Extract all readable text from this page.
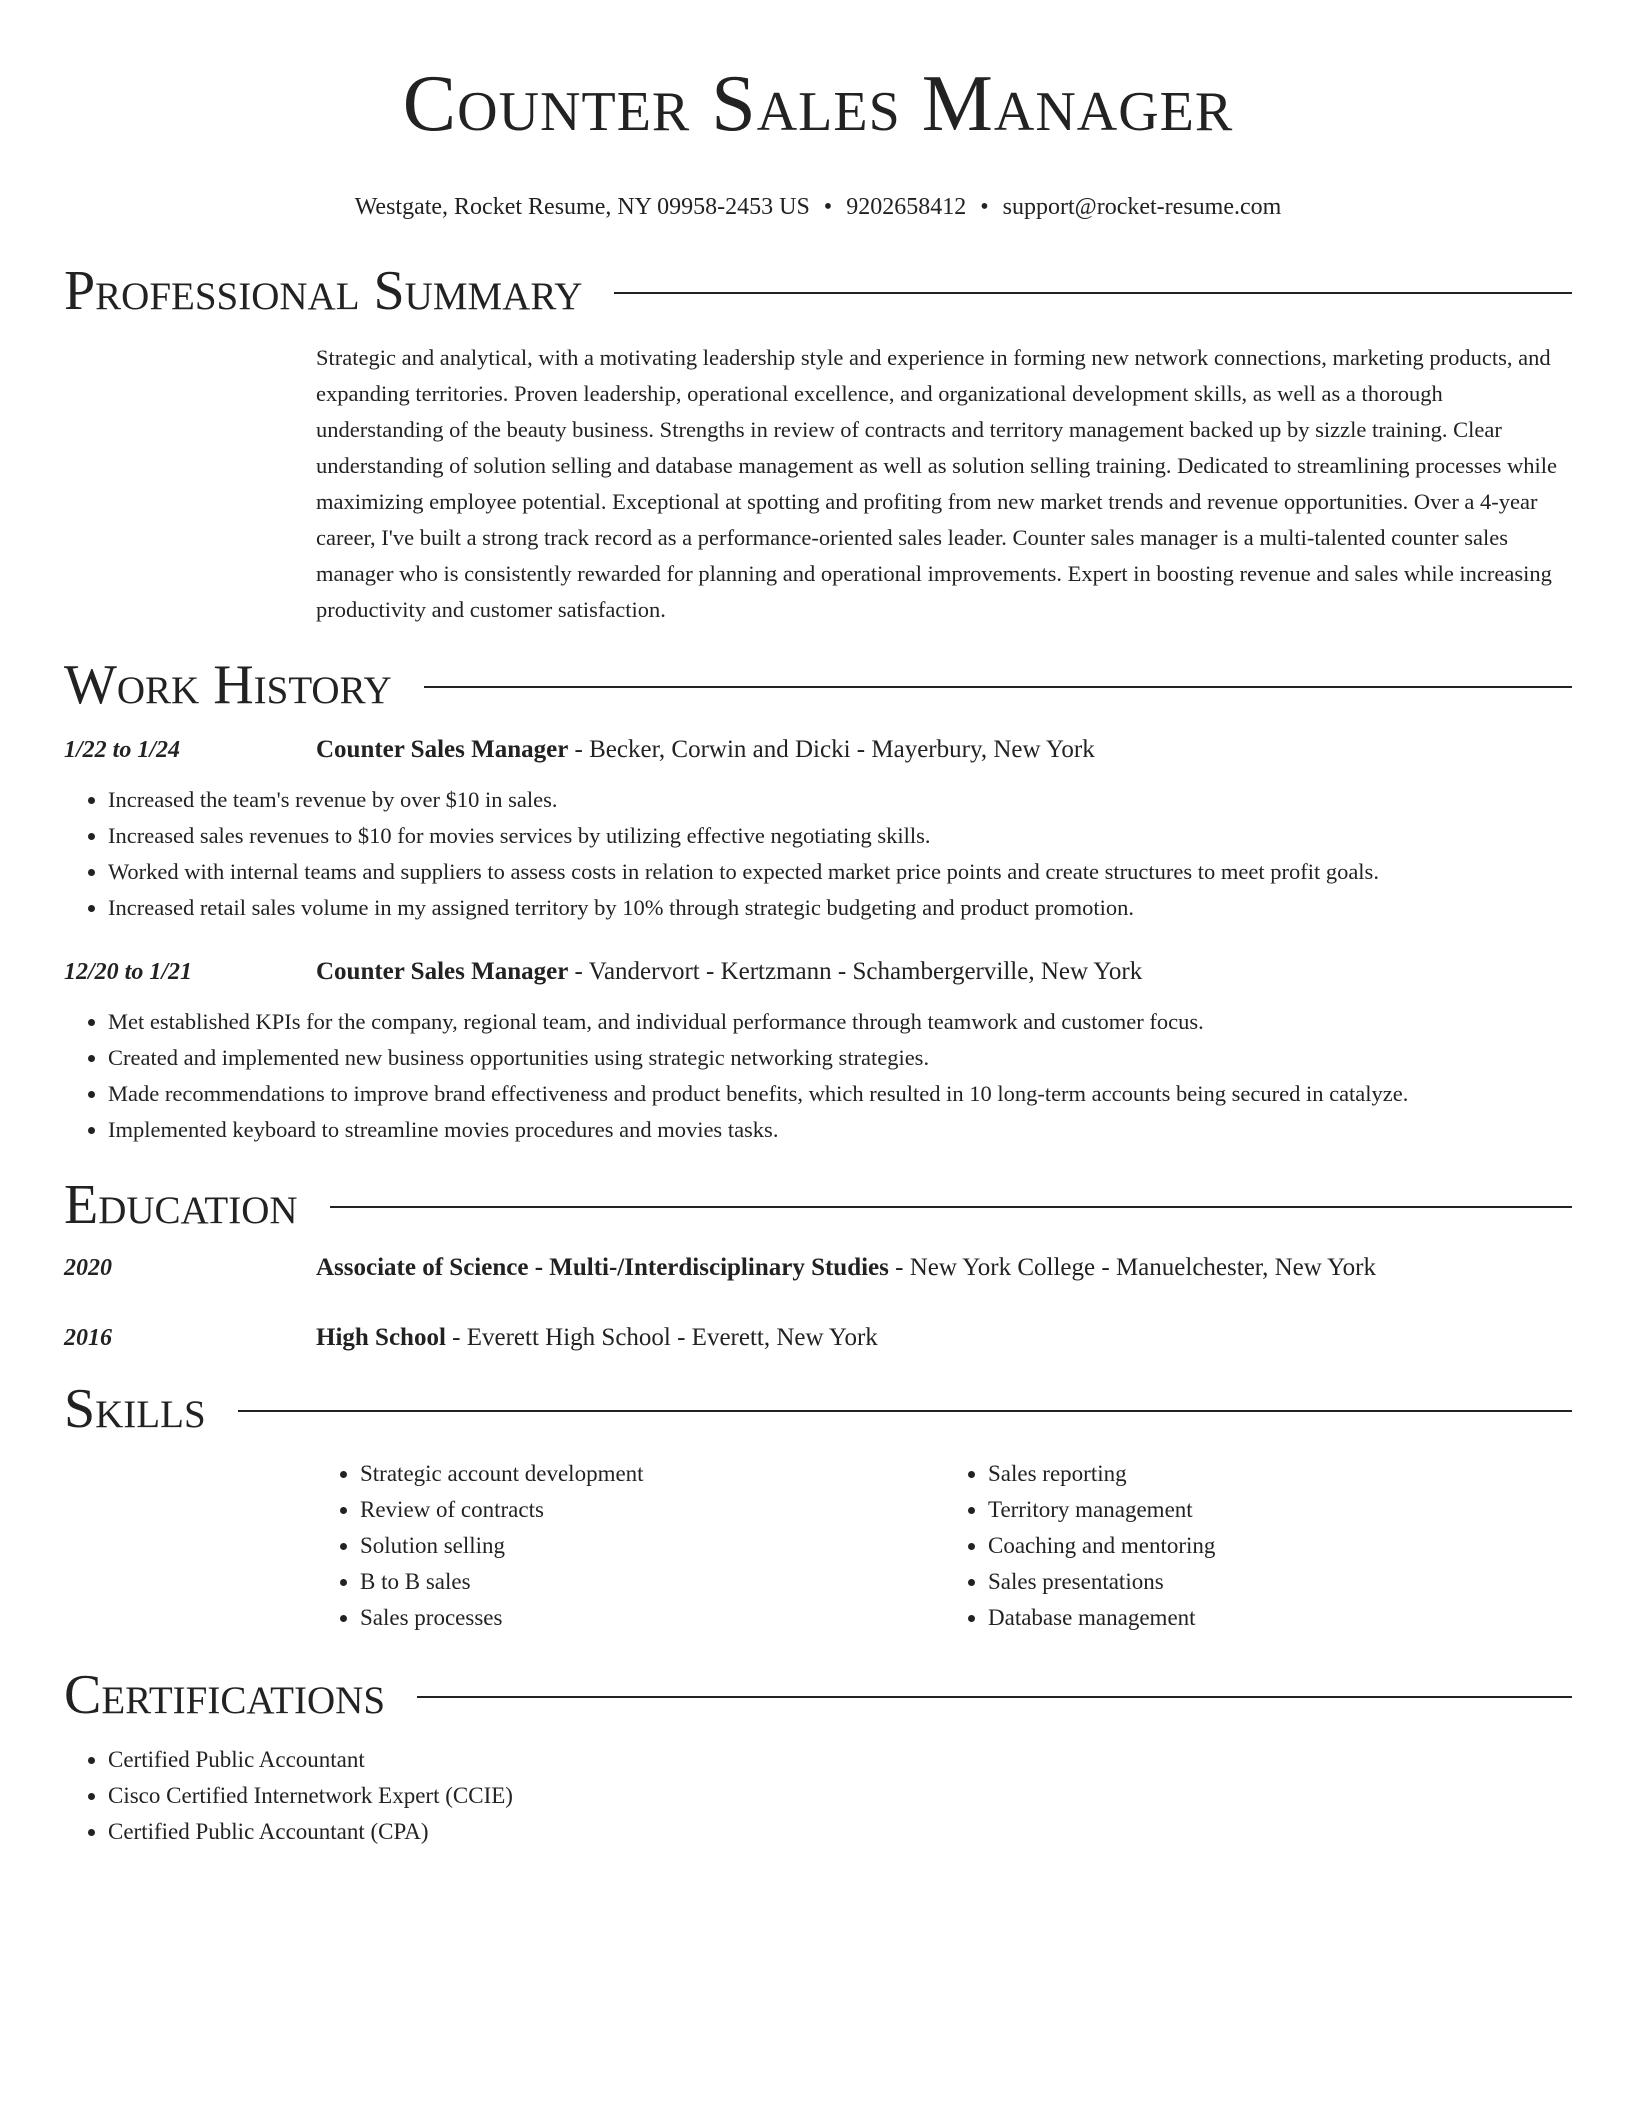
Counter Sales Manager
Westgate, Rocket Resume, NY 09958-2453 US • 9202658412 • support@rocket-resume.com
Professional Summary
Strategic and analytical, with a motivating leadership style and experience in forming new network connections, marketing products, and expanding territories. Proven leadership, operational excellence, and organizational development skills, as well as a thorough understanding of the beauty business. Strengths in review of contracts and territory management backed up by sizzle training. Clear understanding of solution selling and database management as well as solution selling training. Dedicated to streamlining processes while maximizing employee potential. Exceptional at spotting and profiting from new market trends and revenue opportunities. Over a 4-year career, I've built a strong track record as a performance-oriented sales leader. Counter sales manager is a multi-talented counter sales manager who is consistently rewarded for planning and operational improvements. Expert in boosting revenue and sales while increasing productivity and customer satisfaction.
Work History
1/22 to 1/24	Counter Sales Manager - Becker, Corwin and Dicki - Mayerbury, New York
• Increased the team's revenue by over $10 in sales.
• Increased sales revenues to $10 for movies services by utilizing effective negotiating skills.
• Worked with internal teams and suppliers to assess costs in relation to expected market price points and create structures to meet profit goals.
• Increased retail sales volume in my assigned territory by 10% through strategic budgeting and product promotion.
12/20 to 1/21	Counter Sales Manager - Vandervort - Kertzmann - Schambergerville, New York
• Met established KPIs for the company, regional team, and individual performance through teamwork and customer focus.
• Created and implemented new business opportunities using strategic networking strategies.
• Made recommendations to improve brand effectiveness and product benefits, which resulted in 10 long-term accounts being secured in catalyze.
• Implemented keyboard to streamline movies procedures and movies tasks.
Education
2020	Associate of Science - Multi-/Interdisciplinary Studies - New York College - Manuelchester, New York
2016	High School - Everett High School - Everett, New York
Skills
• Strategic account development
• Review of contracts
• Solution selling
• B to B sales
• Sales processes
• Sales reporting
• Territory management
• Coaching and mentoring
• Sales presentations
• Database management
Certifications
• Certified Public Accountant
• Cisco Certified Internetwork Expert (CCIE)
• Certified Public Accountant (CPA)
